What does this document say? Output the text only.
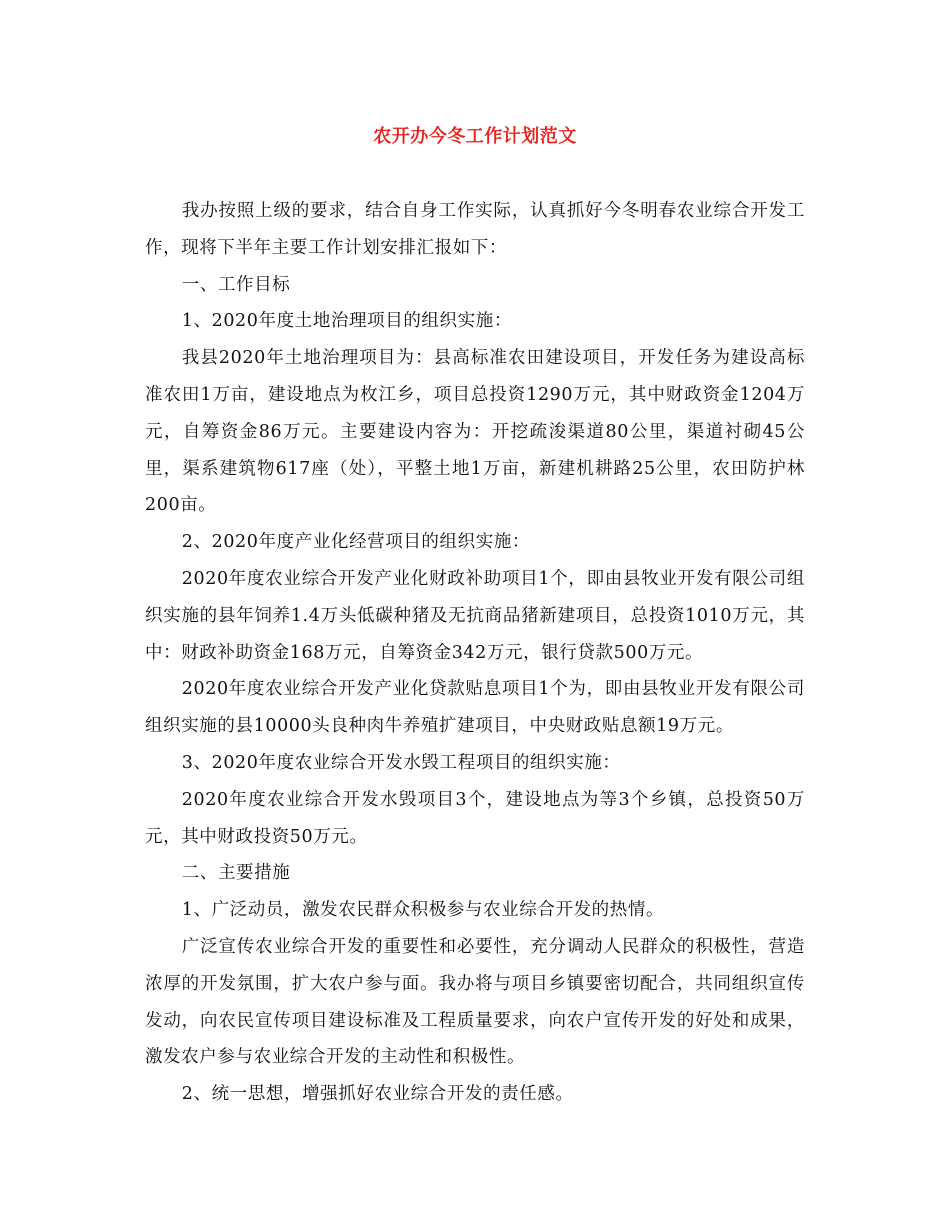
农开办今冬工作计划范文

我办按照上级的要求，结合自身工作实际，认真抓好今冬明春农业综合开发工作，现将下半年主要工作计划安排汇报如下：

一、工作目标

1、2020年度土地治理项目的组织实施：

我县2020年土地治理项目为：县高标准农田建设项目，开发任务为建设高标准农田1万亩，建设地点为枚江乡，项目总投资1290万元，其中财政资金1204万元，自筹资金86万元。主要建设内容为：开挖疏浚渠道80公里，渠道衬砌45公里，渠系建筑物617座（处），平整土地1万亩，新建机耕路25公里，农田防护林200亩。

2、2020年度产业化经营项目的组织实施：

2020年度农业综合开发产业化财政补助项目1个，即由县牧业开发有限公司组织实施的县年饲养1.4万头低碳种猪及无抗商品猪新建项目，总投资1010万元，其中：财政补助资金168万元，自筹资金342万元，银行贷款500万元。

2020年度农业综合开发产业化贷款贴息项目1个为，即由县牧业开发有限公司组织实施的县10000头良种肉牛养殖扩建项目，中央财政贴息额19万元。

3、2020年度农业综合开发水毁工程项目的组织实施：

2020年度农业综合开发水毁项目3个，建设地点为等3个乡镇，总投资50万元，其中财政投资50万元。

二、主要措施

1、广泛动员，激发农民群众积极参与农业综合开发的热情。

广泛宣传农业综合开发的重要性和必要性，充分调动人民群众的积极性，营造浓厚的开发氛围，扩大农户参与面。我办将与项目乡镇要密切配合，共同组织宣传发动，向农民宣传项目建设标准及工程质量要求，向农户宣传开发的好处和成果，激发农户参与农业综合开发的主动性和积极性。

2、统一思想，增强抓好农业综合开发的责任感。
